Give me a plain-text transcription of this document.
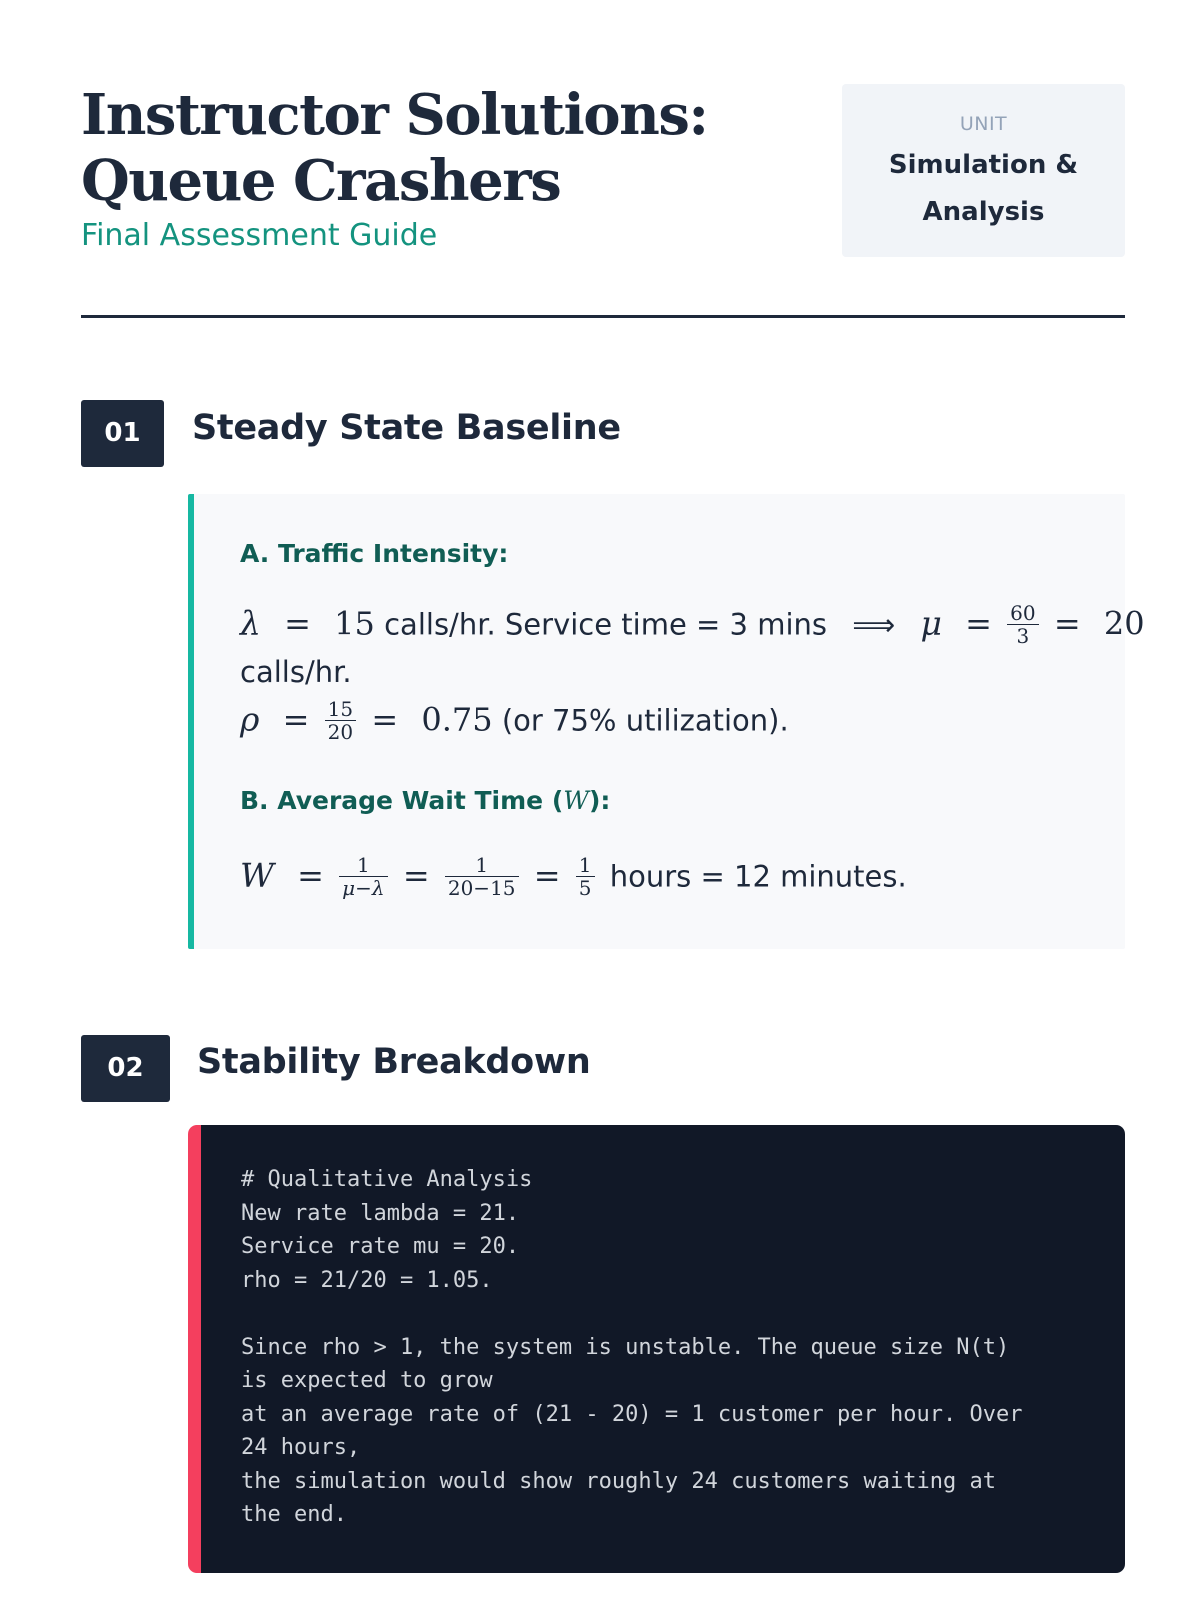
Instructor Solutions:
Queue Crashers
Final Assessment Guide
UNIT
Simulation &
Analysis
01	Steady State Baseline
A. Traffic Intensity:
λ = 15 calls/hr. Service time = 3 mins ⟹ $\mu = \frac{60}{3} = 20$
calls/hr.
$\rho = \frac{15}{20} = 0.75$ (or 75% utilization).
B. Average Wait Time (W):
$W = \frac{1}{\mu-\lambda} = \frac{1}{20-15} = \frac{1}{5}$ hours = 12 minutes.
02	Stability Breakdown
# Qualitative Analysis
New rate lambda = 21.
Service rate mu = 20.
rho = 21/20 = 1.05.

Since rho > 1, the system is unstable. The queue size N(t)
is expected to grow
at an average rate of (21 - 20) = 1 customer per hour. Over
24 hours,
the simulation would show roughly 24 customers waiting at
the end.
